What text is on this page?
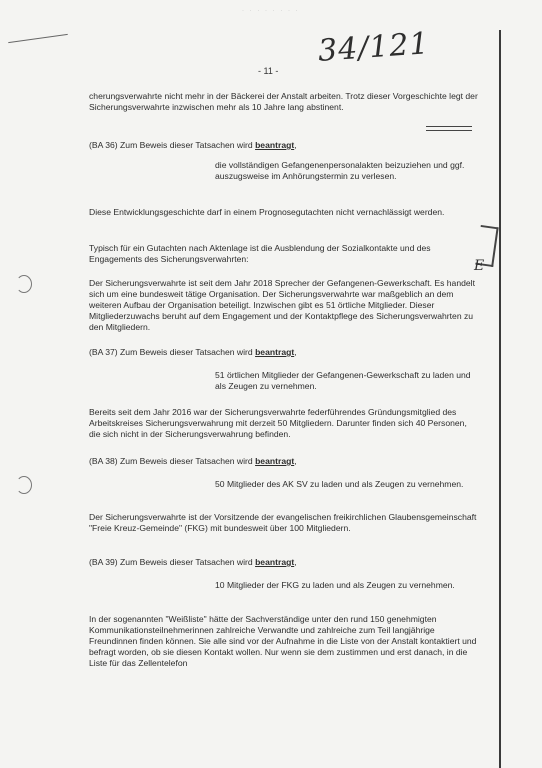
· · · · · · · ·
34/121
- 11 -
E

cherungsverwahrte nicht mehr in der Bäckerei der Anstalt arbeiten. Trotz dieser Vorgeschichte legt der Sicherungsverwahrte inzwischen mehr als 10 Jahre lang abstinent.

(BA 36) Zum Beweis dieser Tatsachen wird beantragt,

die vollständigen Gefangenenpersonalakten beizuziehen und ggf. auszugsweise im Anhörungstermin zu verlesen.

Diese Entwicklungsgeschichte darf in einem Prognosegutachten nicht vernachlässigt werden.

Typisch für ein Gutachten nach Aktenlage ist die Ausblendung der Sozialkontakte und des Engagements des Sicherungsverwahrten:

Der Sicherungsverwahrte ist seit dem Jahr 2018 Sprecher der Gefangenen-Gewerkschaft. Es handelt sich um eine bundesweit tätige Organisation. Der Sicherungsverwahrte war maßgeblich an dem weiteren Aufbau der Organisation beteiligt. Inzwischen gibt es 51 örtliche Mitglieder. Dieser Mitgliederzuwachs beruht auf dem Engagement und der Kontaktpflege des Sicherungsverwahrten zu den Mitgliedern.

(BA 37) Zum Beweis dieser Tatsachen wird beantragt,

51 örtlichen Mitglieder der Gefangenen-Gewerkschaft zu laden und als Zeugen zu vernehmen.

Bereits seit dem Jahr 2016 war der Sicherungsverwahrte federführendes Gründungsmitglied des Arbeitskreises Sicherungsverwahrung mit derzeit 50 Mitgliedern. Darunter finden sich 40 Personen, die sich nicht in der Sicherungsverwahrung befinden.

(BA 38) Zum Beweis dieser Tatsachen wird beantragt,

50 Mitglieder des AK SV zu laden und als Zeugen zu vernehmen.

Der Sicherungsverwahrte ist der Vorsitzende der evangelischen freikirchlichen Glaubensgemeinschaft "Freie Kreuz-Gemeinde" (FKG) mit bundesweit über 100 Mitgliedern.

(BA 39) Zum Beweis dieser Tatsachen wird beantragt,

10 Mitglieder der FKG zu laden und als Zeugen zu vernehmen.

In der sogenannten "Weißliste" hätte der Sachverständige unter den rund 150 genehmigten Kommunikationsteilnehmerinnen zahlreiche Verwandte und zahlreiche zum Teil langjährige Freundinnen finden können. Sie alle sind vor der Aufnahme in die Liste von der Anstalt kontaktiert und befragt worden, ob sie diesen Kontakt wollen. Nur wenn sie dem zustimmen und erst danach, in die Liste für das Zellentelefon
